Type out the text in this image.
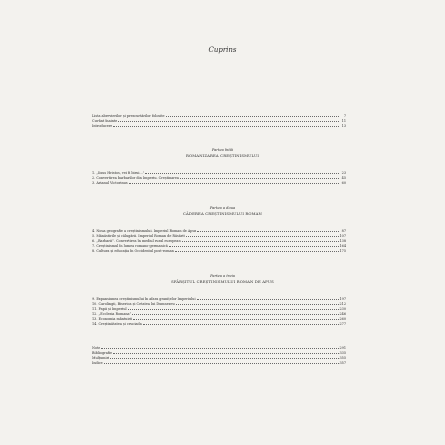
Cuprins
Lista abrevierilor și prescurtărilor folosite	7
Cuvânt înainte	11
Introducere	13
Partea întâi
ROMANIZAREA CREȘTINISMULUI
1. „Iisus Hristos, vei fi birui...”	23
2. Convertirea barbarilor din Imperiu. Creștinarea	45
3. Arianul Victorinus	60
Partea a doua
CĂDEREA CREȘTINISMULUI ROMAN
4. Noua geografie a creștinismului. Imperiul Roman de Apus	87
5. Mănăstirile și călugării. Imperiul Roman de Răsărit	107
6. „Barbarii”. Convertirea în mediul rural european	138
7. Creștinismul în lumea romano-germanică	164
8. Cultura și educația în Occidentul post-roman	175
Partea a treia
SFÂRȘITUL CREȘTINISMULUI ROMAN DE APUS
9. Expansiunea creștinismului în afara granițelor Imperiului	197
10. Carolingii, Biserica și Cetatea lui Dumnezeu	212
11. Papii și Imperiul	230
12. „Ecclesia Romana”	246
13. Economia mântuirii	260
14. Creștinătatea și cruciada	277
Note	291
Bibliografie	335
Mulțumiri	355
Indice	357
